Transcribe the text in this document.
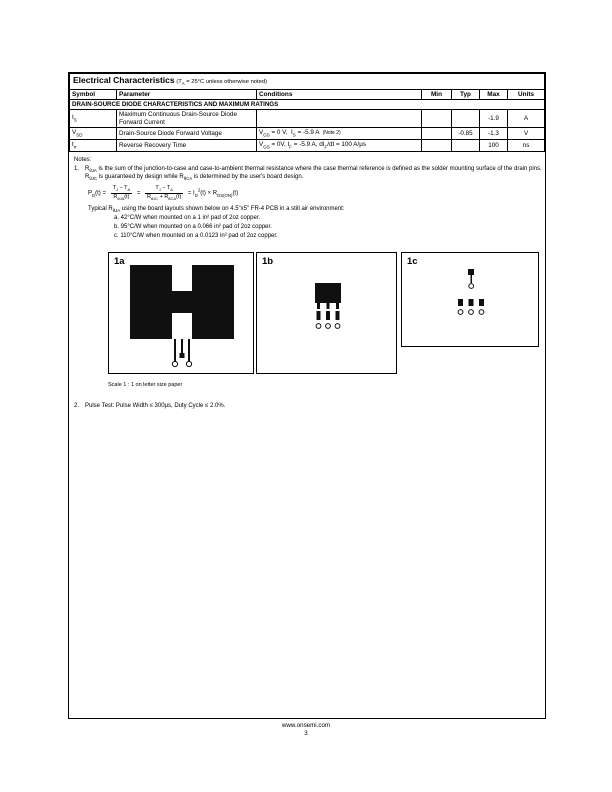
Electrical Characteristics ($T_A = 25^\circ C$ unless otherwise noted)						
Symbol	Parameter	Conditions	Min	Typ	Max	Units
DRAIN-SOURCE DIODE CHARACTERISTICS AND MAXIMUM RATINGS						
$I_S$	Maximum Continuous Drain-Source Diode Forward Current				-1.9	A
$V_{SD}$	Drain-Source Diode Forward Voltage	$V_{GS} = 0$ V,  $I_S = -5.9$ A  (Note 2)		-0.85	-1.3	V
$t_{rr}$	Reverse Recovery Time	$V_{GS} = 0V$, $I_F = -5.9$ A, $dI_F/dt = 100$ A/μs			100	ns
Notes:
1. $R_{\theta JA}$ is the sum of the junction-to-case and case-to-ambient thermal resistance where the case thermal reference is defined as the solder mounting surface of the drain pins. $R_{\theta JC}$ is guaranteed by design while $R_{\theta CA}$ is determined by the user's board design.
$P_D(t) = \frac{T_J - T_A}{R_{\theta JA}(t)} = \frac{T_J - T_A}{R_{\theta JC} + R_{\theta CA}(t)} = I_D^2(t) \times R_{DS(ON)}(t)$
Typical $R_{\theta JA}$ using the board layouts shown below on 4.5"x5" FR-4 PCB in a still air environment:
a. 42°C/W when mounted on a 1 in² pad of 2oz copper.
b. 95°C/W when mounted on a 0.066 in² pad of 2oz copper.
c. 110°C/W when mounted on a 0.0123 in² pad of 2oz copper.
1a	1b	1c
Scale 1 : 1 on letter size paper
2. Pulse Test: Pulse Width ≤ 300μs, Duty Cycle ≤ 2.0%.
www.onsemi.com
3
